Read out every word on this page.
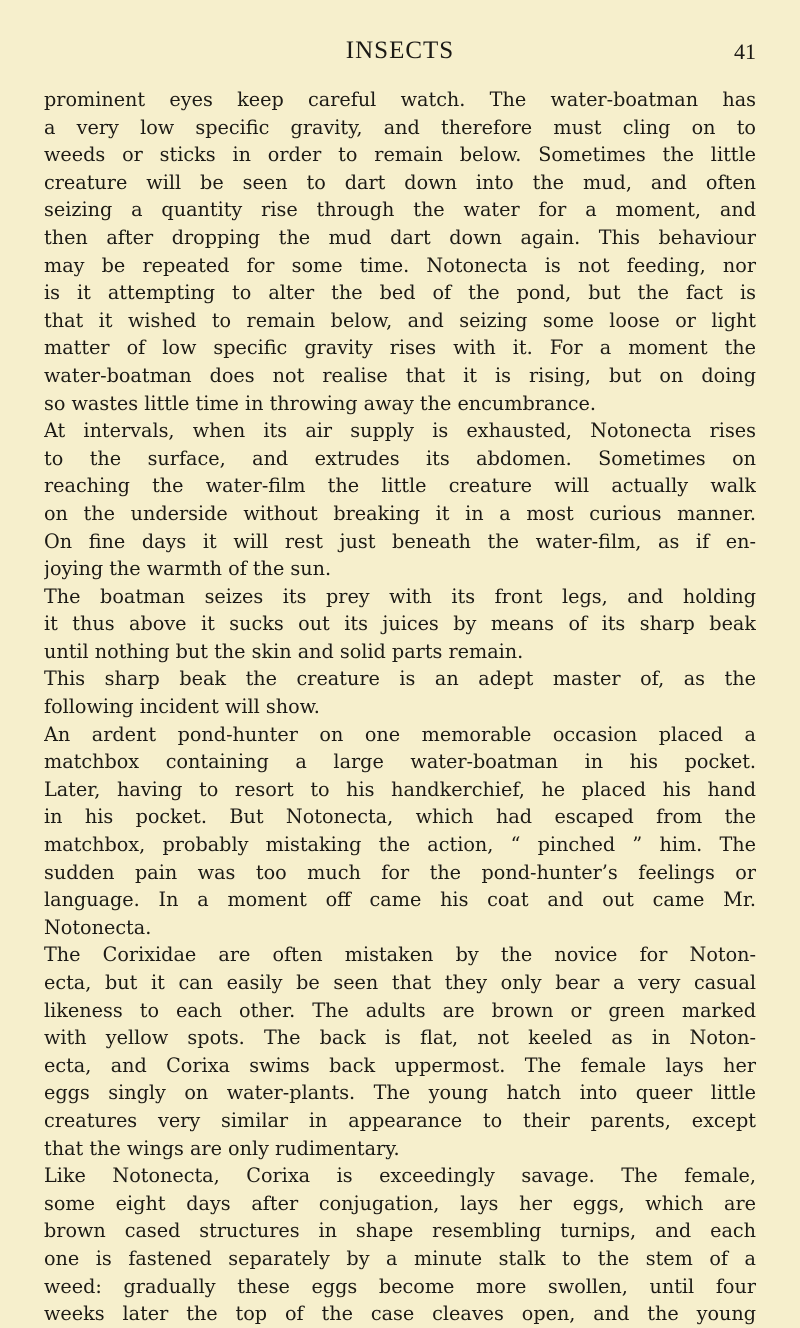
INSECTS	41
prominent eyes keep careful watch. The water-boatman has
a very low specific gravity, and therefore must cling on to
weeds or sticks in order to remain below. Sometimes the little
creature will be seen to dart down into the mud, and often
seizing a quantity rise through the water for a moment, and
then after dropping the mud dart down again. This behaviour
may be repeated for some time. Notonecta is not feeding, nor
is it attempting to alter the bed of the pond, but the fact is
that it wished to remain below, and seizing some loose or light
matter of low specific gravity rises with it. For a moment the
water-boatman does not realise that it is rising, but on doing
so wastes little time in throwing away the encumbrance.
At intervals, when its air supply is exhausted, Notonecta rises
to the surface, and extrudes its abdomen. Sometimes on
reaching the water-film the little creature will actually walk
on the underside without breaking it in a most curious manner.
On fine days it will rest just beneath the water-film, as if en-
joying the warmth of the sun.
The boatman seizes its prey with its front legs, and holding
it thus above it sucks out its juices by means of its sharp beak
until nothing but the skin and solid parts remain.
This sharp beak the creature is an adept master of, as the
following incident will show.
An ardent pond-hunter on one memorable occasion placed a
matchbox containing a large water-boatman in his pocket.
Later, having to resort to his handkerchief, he placed his hand
in his pocket. But Notonecta, which had escaped from the
matchbox, probably mistaking the action, “ pinched ” him. The
sudden pain was too much for the pond-hunter’s feelings or
language. In a moment off came his coat and out came Mr.
Notonecta.
The Corixidae are often mistaken by the novice for Noton-
ecta, but it can easily be seen that they only bear a very casual
likeness to each other. The adults are brown or green marked
with yellow spots. The back is flat, not keeled as in Noton-
ecta, and Corixa swims back uppermost. The female lays her
eggs singly on water-plants. The young hatch into queer little
creatures very similar in appearance to their parents, except
that the wings are only rudimentary.
Like Notonecta, Corixa is exceedingly savage. The female,
some eight days after conjugation, lays her eggs, which are
brown cased structures in shape resembling turnips, and each
one is fastened separately by a minute stalk to the stem of a
weed: gradually these eggs become more swollen, until four
weeks later the top of the case cleaves open, and the young
